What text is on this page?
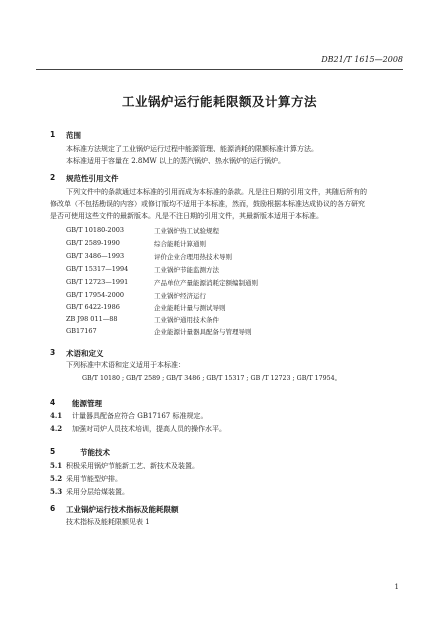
DB21/T 1615—2008
工业锅炉运行能耗限额及计算方法
1 范围
本标准方法规定了工业锅炉运行过程中能源管理、能源消耗的限额标准计算方法。
本标准适用于容量在 2.8MW 以上的蒸汽锅炉、热水锅炉的运行锅炉。
2 规范性引用文件
下列文件中的条款通过本标准的引用而成为本标准的条款。凡是注日期的引用文件，其随后所有的
修改单（不包括勘误的内容）或修订版均不适用于本标准，然而，鼓励根据本标准达成协议的各方研究
是否可使用这些文件的最新版本。凡是不注日期的引用文件，其最新版本适用于本标准。
GB/T 10180-2003	工业锅炉热工试验规程
GB/T 2589-1990	综合能耗计算通则
GB/T 3486—1993	评价企业合理用热技术导则
GB/T 15317—1994	工业锅炉节能监测方法
GB/T 12723—1991	产品单位产量能源消耗定额编制通则
GB/T 17954-2000	工业锅炉经济运行
GB/T 6422-1986	企业能耗计量与测试导则
ZB J98 011—88	工业锅炉通用技术条件
GB17167	企业能源计量器具配备与管理导则
3 术语和定义
下列标准中术语和定义适用于本标准：
GB/T 10180 ; GB/T 2589 ; GB/T 3486 ; GB/T 15317 ; GB /T 12723 ; GB/T 17954。
4 能源管理
4.1 计量器具配备应符合 GB17167 标准规定。
4.2 加强对司炉人员技术培训，提高人员的操作水平。
5	节能技术
5.1 积极采用锅炉节能新工艺、新技术及装置。
5.2 采用节能型炉排。
5.3 采用分层给煤装置。
6 工业锅炉运行技术指标及能耗限额
技术指标及能耗限额见表 1
1
